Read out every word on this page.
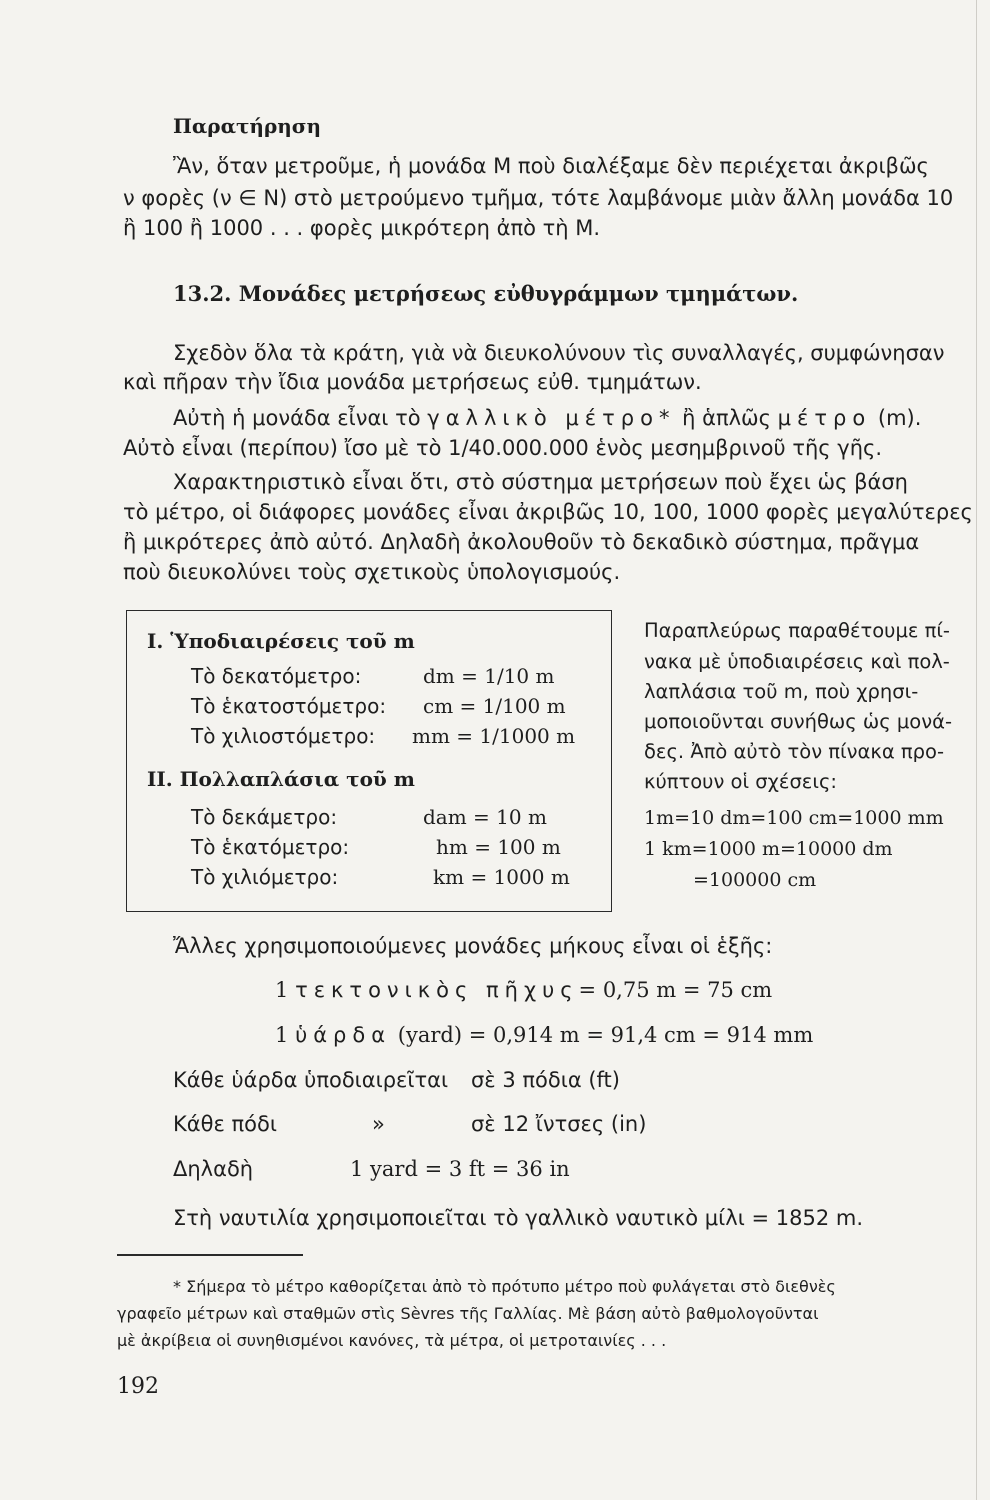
Παρατήρηση
Ἂν, ὅταν μετροῦμε, ἡ μονάδα Μ ποὺ διαλέξαμε δὲν περιέχεται ἀκριβῶς
ν φορὲς (ν ∈ Ν) στὸ μετρούμενο τμῆμα, τότε λαμβάνομε μιὰν ἄλλη μονάδα 10
ἢ 100 ἢ 1000 . . . φορὲς μικρότερη ἀπὸ τὴ Μ.
13.2. Μονάδες μετρήσεως εὐθυγράμμων τμημάτων.
Σχεδὸν ὅλα τὰ κράτη, γιὰ νὰ διευκολύνουν τὶς συναλλαγές, συμφώνησαν
καὶ πῆραν τὴν ἴδια μονάδα μετρήσεως εὐθ. τμημάτων.
Αὐτὴ ἡ μονάδα εἶναι τὸ γαλλικὸ μέτρο* ἢ ἁπλῶς μέτρο (m).
Αὐτὸ εἶναι (περίπου) ἴσο μὲ τὸ 1/40.000.000 ἑνὸς μεσημβρινοῦ τῆς γῆς.
Χαρακτηριστικὸ εἶναι ὅτι, στὸ σύστημα μετρήσεων ποὺ ἔχει ὡς βάση
τὸ μέτρο, οἱ διάφορες μονάδες εἶναι ἀκριβῶς 10, 100, 1000 φορὲς μεγαλύτερες
ἢ μικρότερες ἀπὸ αὐτό. Δηλαδὴ ἀκολουθοῦν τὸ δεκαδικὸ σύστημα, πρᾶγμα
ποὺ διευκολύνει τοὺς σχετικοὺς ὑπολογισμούς.
I. Ὑποδιαιρέσεις τοῦ m
Τὸ δεκατόμετρο:	dm = 1/10 m
Τὸ ἑκατοστόμετρο: cm = 1/100 m
Τὸ χιλιοστόμετρο: mm = 1/1000 m
II. Πολλαπλάσια τοῦ m
Τὸ δεκάμετρο:	dam = 10 m
Τὸ ἑκατόμετρο:	hm = 100 m
Τὸ χιλιόμετρο:	km = 1000 m
Παραπλεύρως παραθέτουμε πί-
νακα μὲ ὑποδιαιρέσεις καὶ πολ-
λαπλάσια τοῦ m, ποὺ χρησι-
μοποιοῦνται συνήθως ὡς μονά-
δες. Ἀπὸ αὐτὸ τὸν πίνακα προ-
κύπτουν οἱ σχέσεις:
1m=10 dm=100 cm=1000 mm
1 km=1000 m=10000 dm
=100000 cm
Ἄλλες χρησιμοποιούμενες μονάδες μήκους εἶναι οἱ ἑξῆς:
1 τεκτονικὸς πῆχυς= 0,75 m = 75 cm
1 ὑάρδα (yard) = 0,914 m = 91,4 cm = 914 mm
Κάθε ὑάρδα ὑποδιαιρεῖται σὲ 3 πόδια (ft)
Κάθε πόδι	»	σὲ 12 ἴντσες (in)
Δηλαδὴ	1 yard = 3 ft = 36 in
Στὴ ναυτιλία χρησιμοποιεῖται τὸ γαλλικὸ ναυτικὸ μίλι = 1852 m.
* Σήμερα τὸ μέτρο καθορίζεται ἀπὸ τὸ πρότυπο μέτρο ποὺ φυλάγεται στὸ διεθνὲς
γραφεῖο μέτρων καὶ σταθμῶν στὶς Sèvres τῆς Γαλλίας. Μὲ βάση αὐτὸ βαθμολογοῦνται
μὲ ἀκρίβεια οἱ συνηθισμένοι κανόνες, τὰ μέτρα, οἱ μετροταινίες . . .
192
